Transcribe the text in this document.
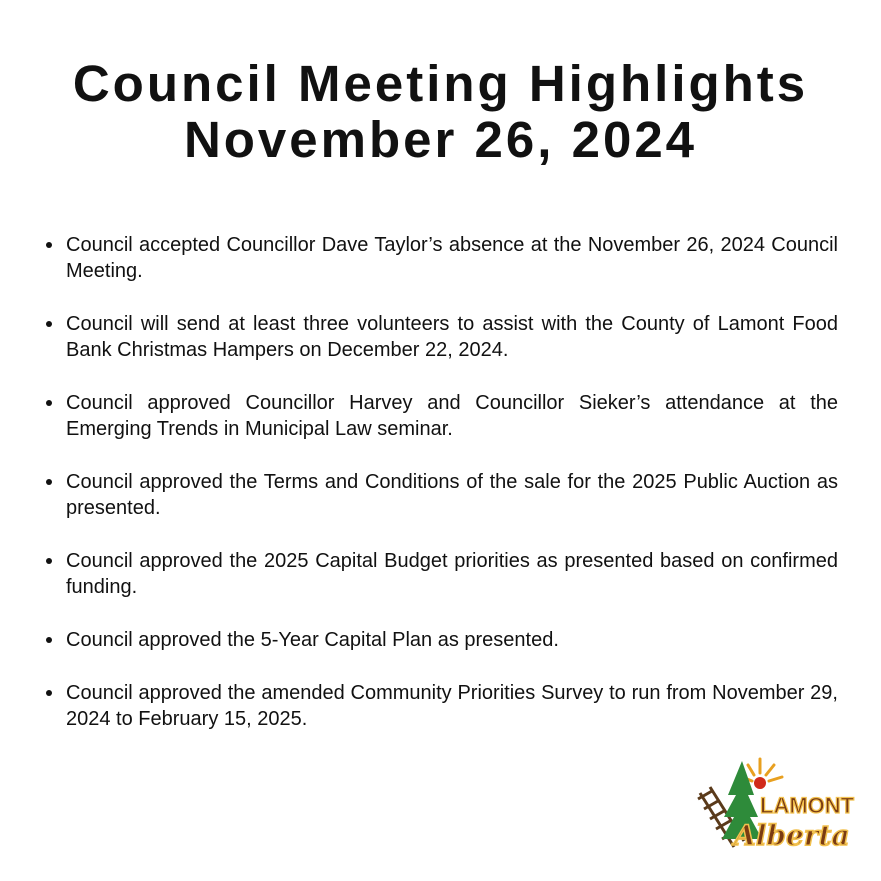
Council Meeting Highlights
November 26, 2024
Council accepted Councillor Dave Taylor’s absence at the November 26, 2024 Council Meeting.
Council will send at least three volunteers to assist with the County of Lamont Food Bank Christmas Hampers on December 22, 2024.
Council approved Councillor Harvey and Councillor Sieker’s attendance at the Emerging Trends in Municipal Law seminar.
Council approved the Terms and Conditions of the sale for the 2025 Public Auction as presented.
Council approved the 2025 Capital Budget priorities as presented based on confirmed funding.
Council approved the 5-Year Capital Plan as presented.
Council approved the amended Community Priorities Survey to run from November 29, 2024 to February 15, 2025.
LAMONT
Alberta
